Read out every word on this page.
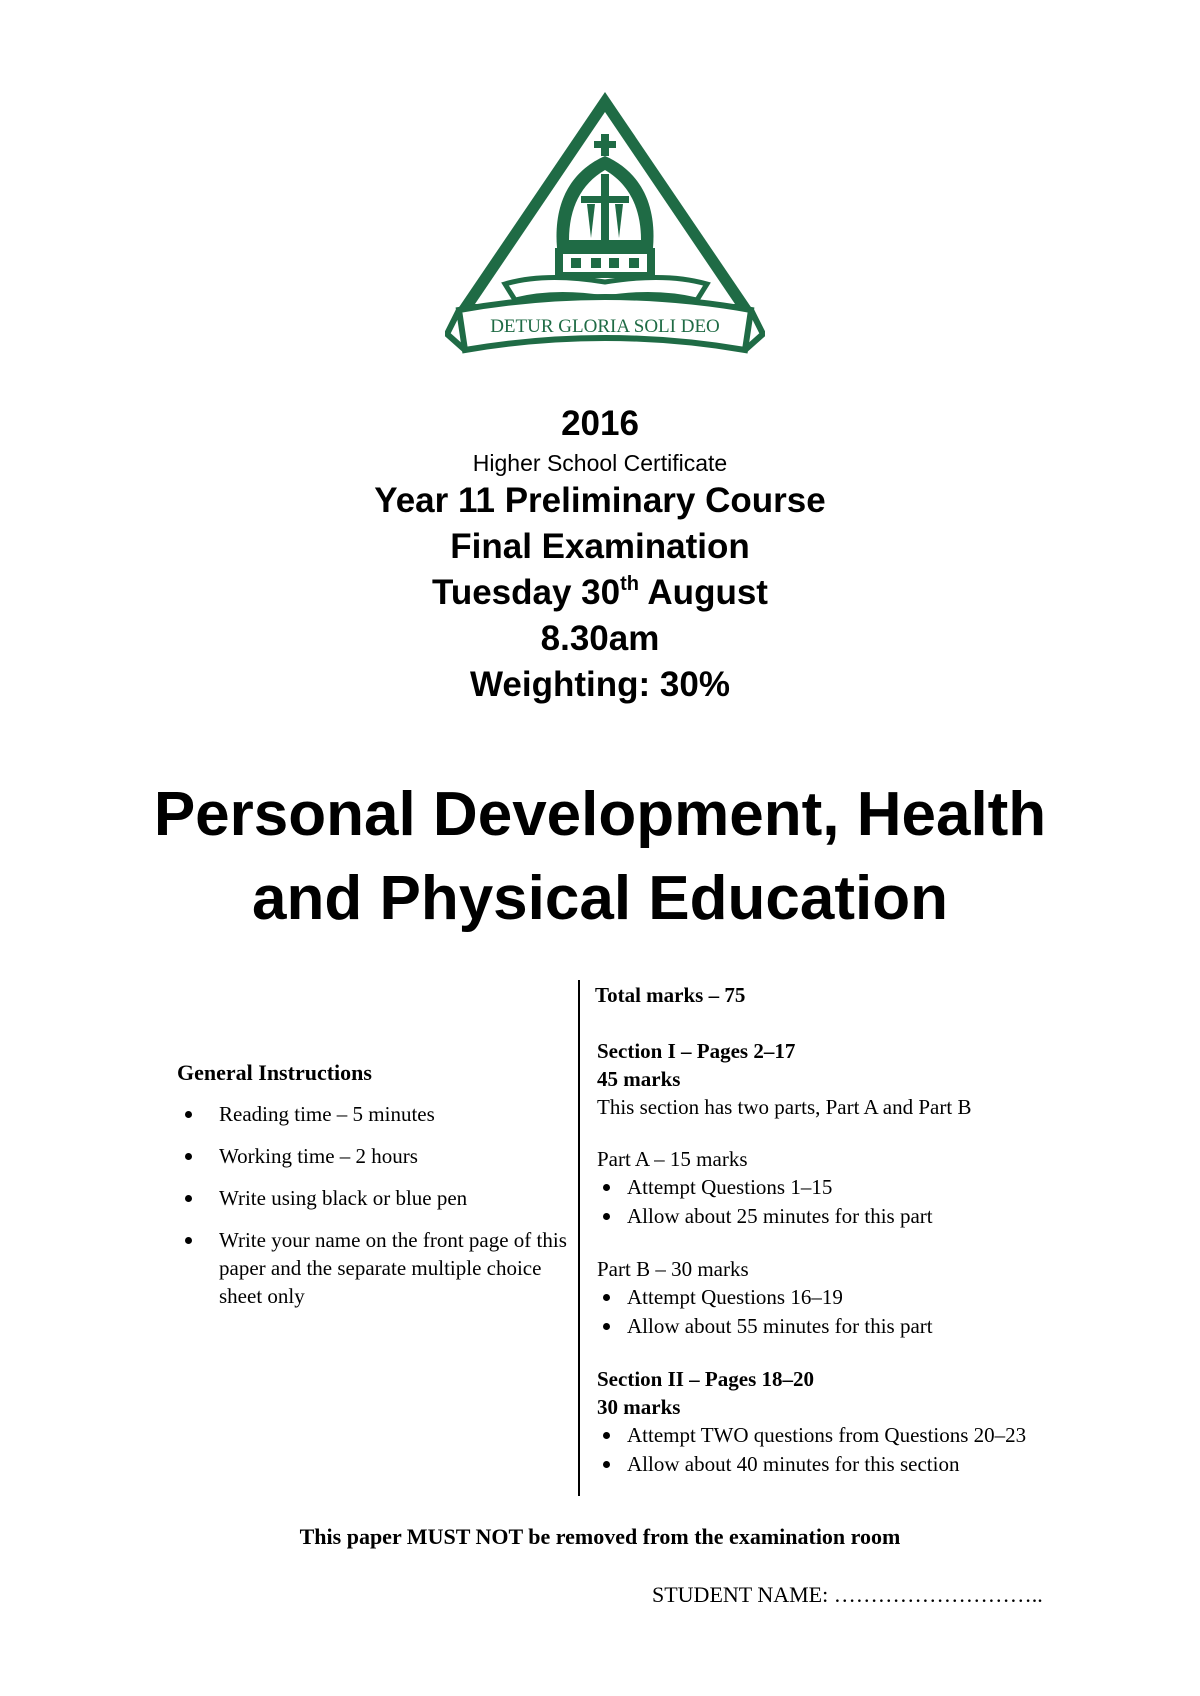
DETUR GLORIA SOLI DEO
2016
Higher School Certificate
Year 11 Preliminary Course
Final Examination
Tuesday 30th August
8.30am
Weighting: 30%
Personal Development, Health
and Physical Education
General Instructions
Reading time – 5 minutes
Working time – 2 hours
Write using black or blue pen
Write your name on the front page of this paper and the separate multiple choice sheet only
Total marks – 75
Section I – Pages 2–17
45 marks
This section has two parts, Part A and Part B
Part A – 15 marks
Attempt Questions 1–15
Allow about 25 minutes for this part
Part B – 30 marks
Attempt Questions 16–19
Allow about 55 minutes for this part
Section II – Pages 18–20
30 marks
Attempt TWO questions from Questions 20–23
Allow about 40 minutes for this section
This paper MUST NOT be removed from the examination room
STUDENT NAME: ………………………..
